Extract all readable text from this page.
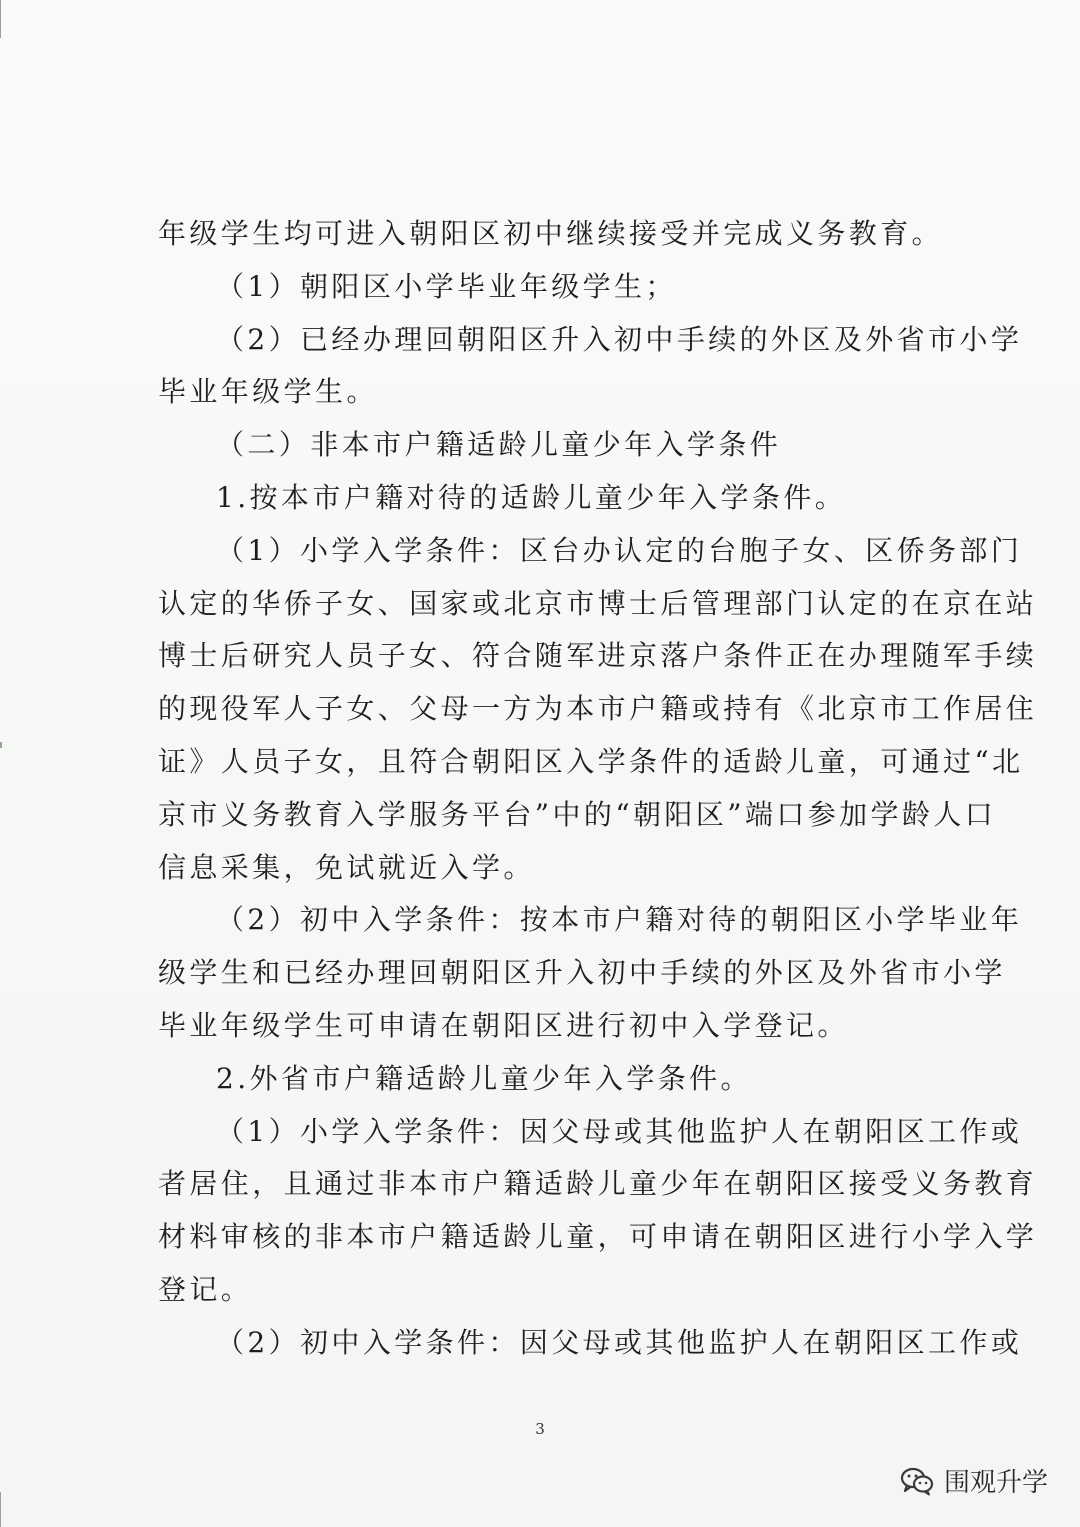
年级学生均可进入朝阳区初中继续接受并完成义务教育。
（1）朝阳区小学毕业年级学生；
（2）已经办理回朝阳区升入初中手续的外区及外省市小学
毕业年级学生。
（二）非本市户籍适龄儿童少年入学条件
1.按本市户籍对待的适龄儿童少年入学条件。
（1）小学入学条件：区台办认定的台胞子女、区侨务部门
认定的华侨子女、国家或北京市博士后管理部门认定的在京在站
博士后研究人员子女、符合随军进京落户条件正在办理随军手续
的现役军人子女、父母一方为本市户籍或持有《北京市工作居住
证》人员子女，且符合朝阳区入学条件的适龄儿童，可通过“北
京市义务教育入学服务平台”中的“朝阳区”端口参加学龄人口
信息采集，免试就近入学。
（2）初中入学条件：按本市户籍对待的朝阳区小学毕业年
级学生和已经办理回朝阳区升入初中手续的外区及外省市小学
毕业年级学生可申请在朝阳区进行初中入学登记。
2.外省市户籍适龄儿童少年入学条件。
（1）小学入学条件：因父母或其他监护人在朝阳区工作或
者居住，且通过非本市户籍适龄儿童少年在朝阳区接受义务教育
材料审核的非本市户籍适龄儿童，可申请在朝阳区进行小学入学
登记。
（2）初中入学条件：因父母或其他监护人在朝阳区工作或
3
围观升学
